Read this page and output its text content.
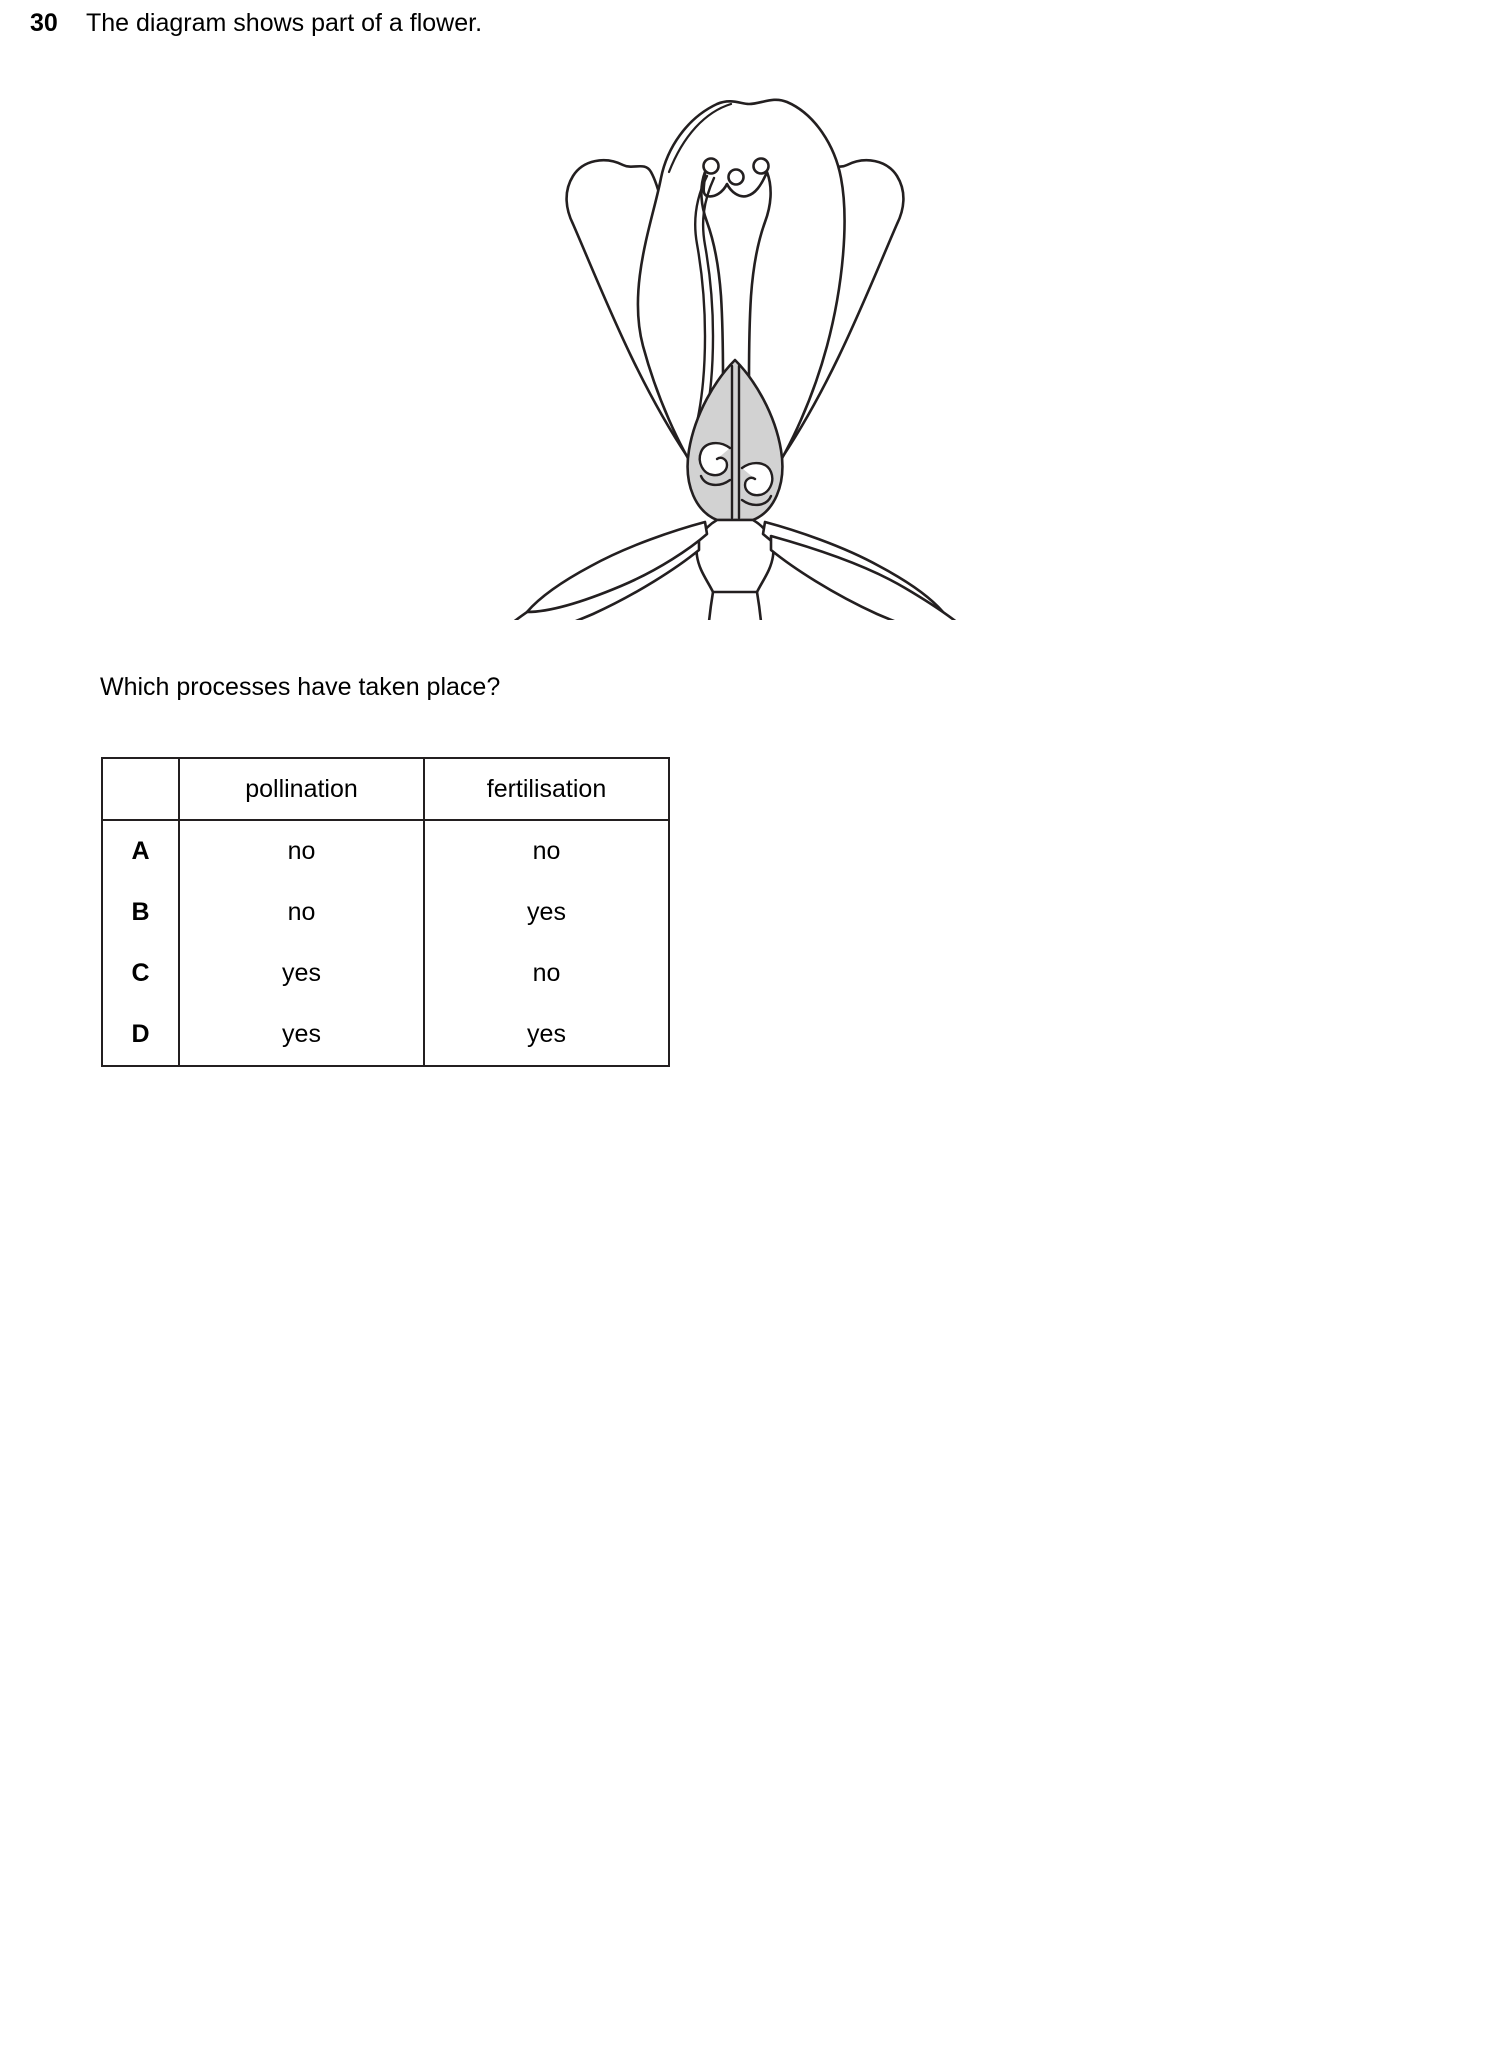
30	The diagram shows part of a flower.
Which processes have taken place?
	pollination	fertilisation
A	no	no
B	no	yes
C	yes	no
D	yes	yes
